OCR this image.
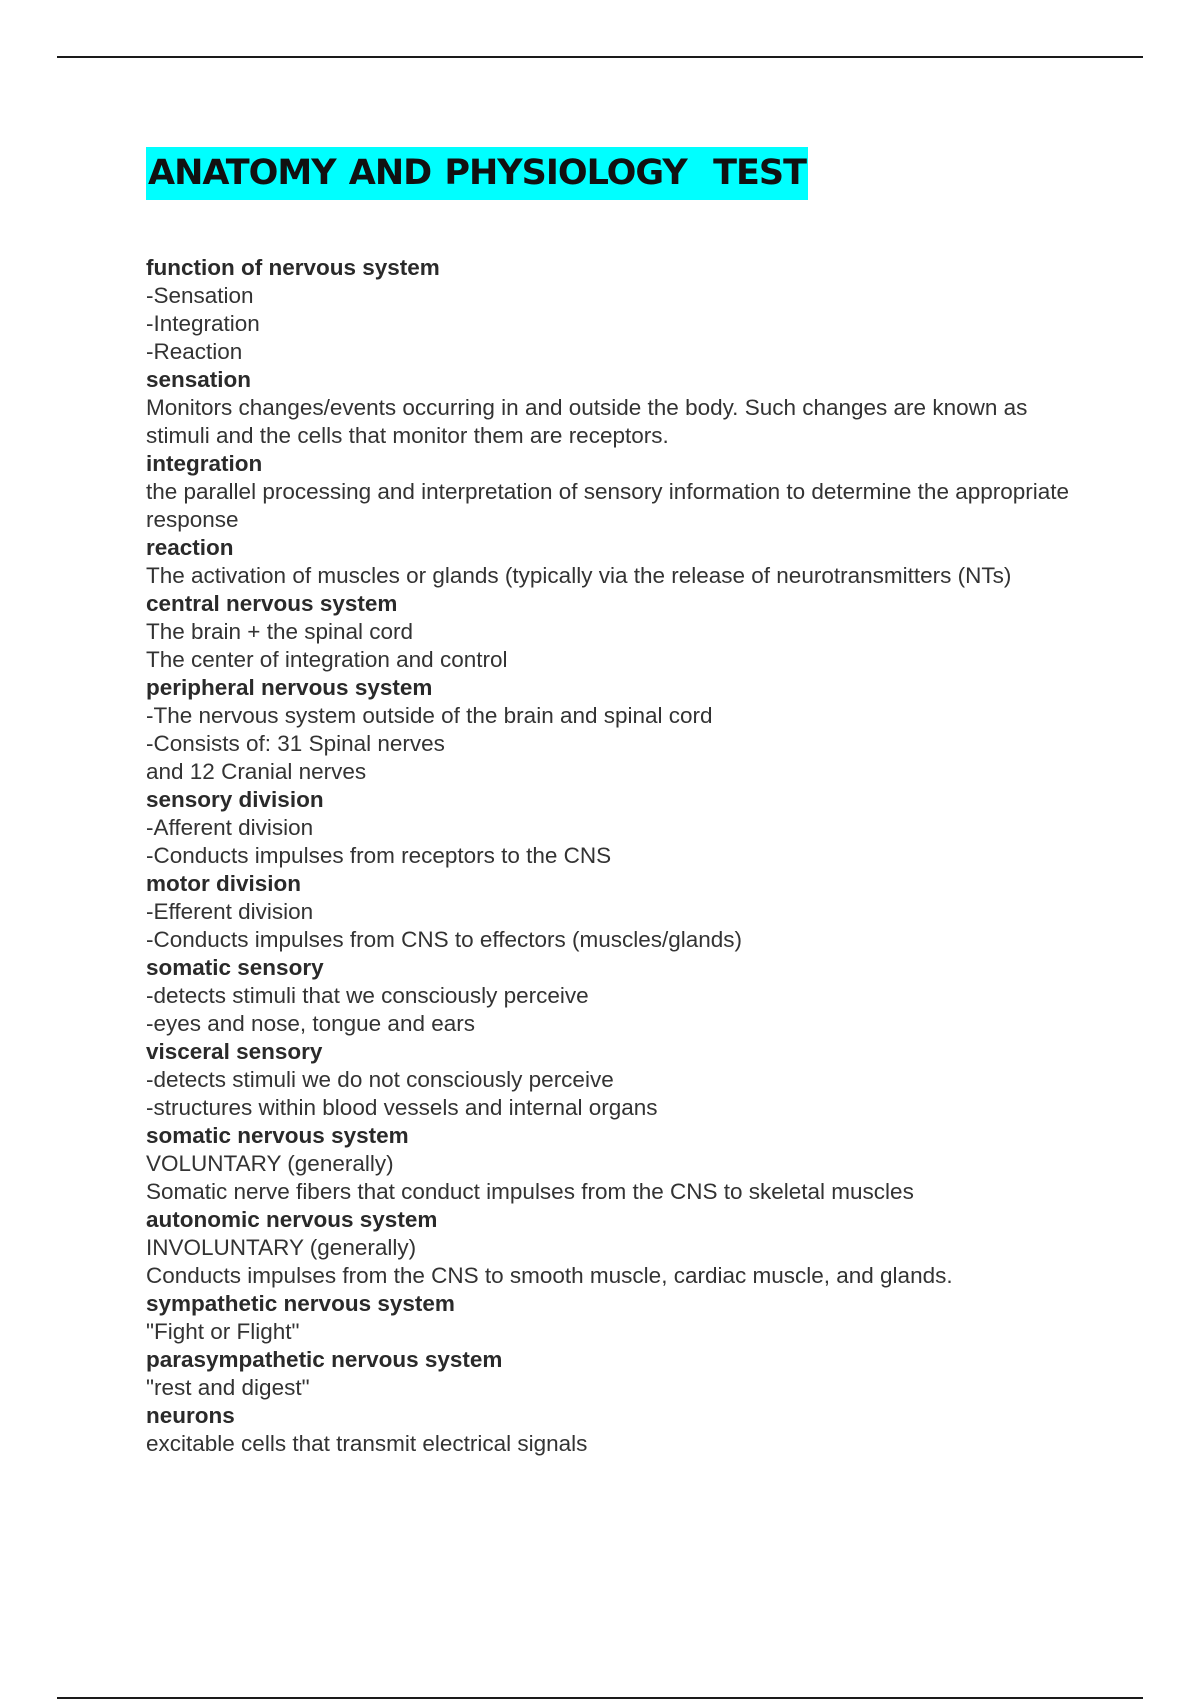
ANATOMY AND PHYSIOLOGY  TEST
function of nervous system
-Sensation
-Integration
-Reaction
sensation
Monitors changes/events occurring in and outside the body. Such changes are known as stimuli and the cells that monitor them are receptors.
integration
the parallel processing and interpretation of sensory information to determine the appropriate response
reaction
The activation of muscles or glands (typically via the release of neurotransmitters (NTs)
central nervous system
The brain + the spinal cord
The center of integration and control
peripheral nervous system
-The nervous system outside of the brain and spinal cord
-Consists of: 31 Spinal nerves
and 12 Cranial nerves
sensory division
-Afferent division
-Conducts impulses from receptors to the CNS
motor division
-Efferent division
-Conducts impulses from CNS to effectors (muscles/glands)
somatic sensory
-detects stimuli that we consciously perceive
-eyes and nose, tongue and ears
visceral sensory
-detects stimuli we do not consciously perceive
-structures within blood vessels and internal organs
somatic nervous system
VOLUNTARY (generally)
Somatic nerve fibers that conduct impulses from the CNS to skeletal muscles
autonomic nervous system
INVOLUNTARY (generally)
Conducts impulses from the CNS to smooth muscle, cardiac muscle, and glands.
sympathetic nervous system
"Fight or Flight"
parasympathetic nervous system
"rest and digest"
neurons
excitable cells that transmit electrical signals
